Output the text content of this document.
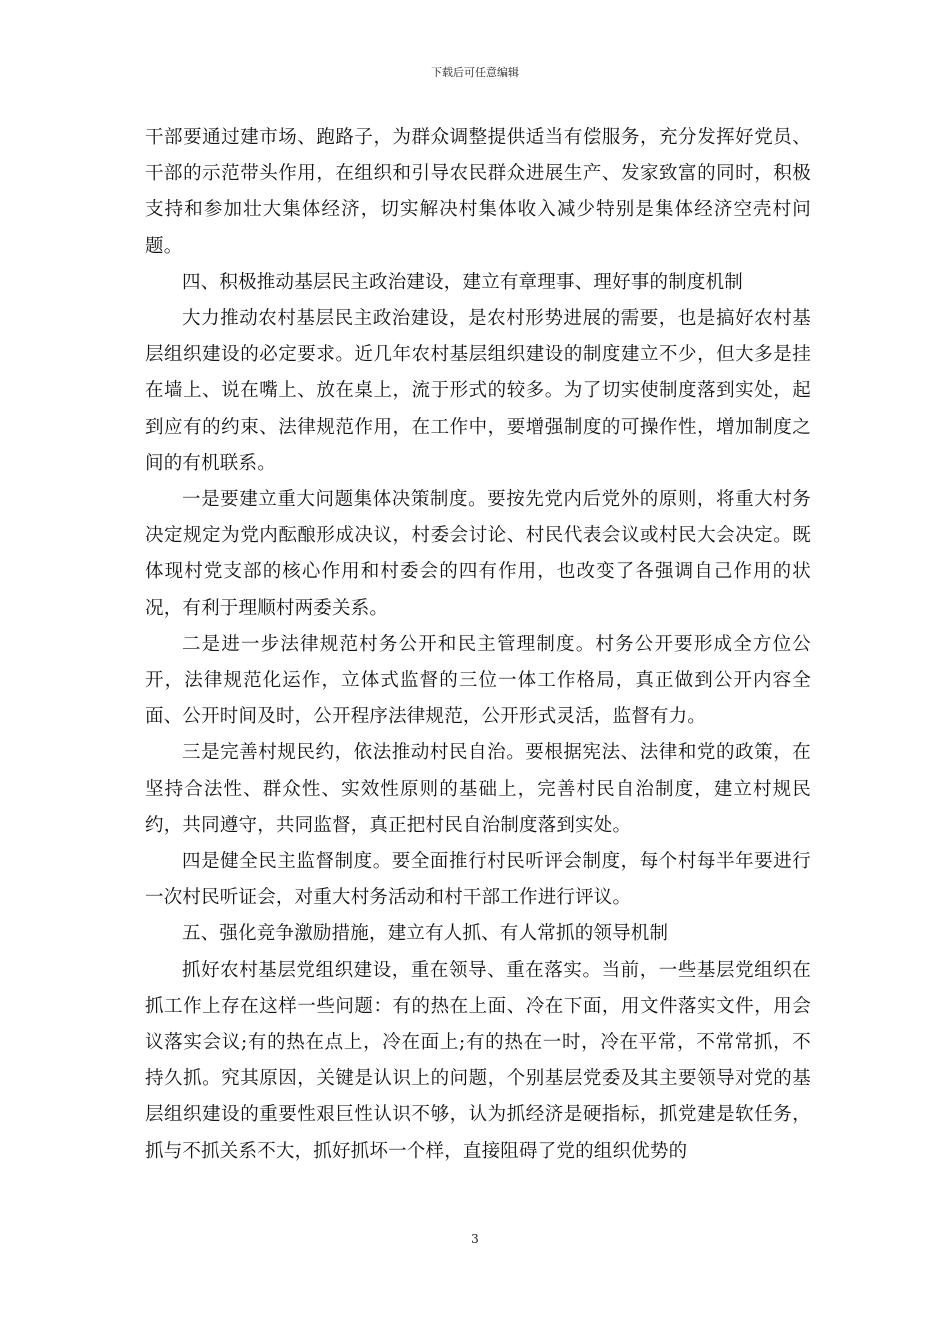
下载后可任意编辑

干部要通过建市场、跑路子，为群众调整提供适当有偿服务，充分发挥好党员、干部的示范带头作用，在组织和引导农民群众进展生产、发家致富的同时，积极支持和参加壮大集体经济，切实解决村集体收入减少特别是集体经济空壳村问题。

四、积极推动基层民主政治建设，建立有章理事、理好事的制度机制

大力推动农村基层民主政治建设，是农村形势进展的需要，也是搞好农村基层组织建设的必定要求。近几年农村基层组织建设的制度建立不少，但大多是挂在墙上、说在嘴上、放在桌上，流于形式的较多。为了切实使制度落到实处，起到应有的约束、法律规范作用，在工作中，要增强制度的可操作性，增加制度之间的有机联系。

一是要建立重大问题集体决策制度。要按先党内后党外的原则，将重大村务决定规定为党内酝酿形成决议，村委会讨论、村民代表会议或村民大会决定。既体现村党支部的核心作用和村委会的四有作用，也改变了各强调自己作用的状况，有利于理顺村两委关系。

二是进一步法律规范村务公开和民主管理制度。村务公开要形成全方位公开，法律规范化运作，立体式监督的三位一体工作格局，真正做到公开内容全面、公开时间及时，公开程序法律规范，公开形式灵活，监督有力。

三是完善村规民约，依法推动村民自治。要根据宪法、法律和党的政策，在坚持合法性、群众性、实效性原则的基础上，完善村民自治制度，建立村规民约，共同遵守，共同监督，真正把村民自治制度落到实处。

四是健全民主监督制度。要全面推行村民听评会制度，每个村每半年要进行一次村民听证会，对重大村务活动和村干部工作进行评议。

五、强化竞争激励措施，建立有人抓、有人常抓的领导机制

抓好农村基层党组织建设，重在领导、重在落实。当前，一些基层党组织在抓工作上存在这样一些问题：有的热在上面、冷在下面，用文件落实文件，用会议落实会议;有的热在点上，冷在面上;有的热在一时，冷在平常，不常常抓，不持久抓。究其原因，关键是认识上的问题，个别基层党委及其主要领导对党的基层组织建设的重要性艰巨性认识不够，认为抓经济是硬指标，抓党建是软任务，抓与不抓关系不大，抓好抓坏一个样，直接阻碍了党的组织优势的

3
